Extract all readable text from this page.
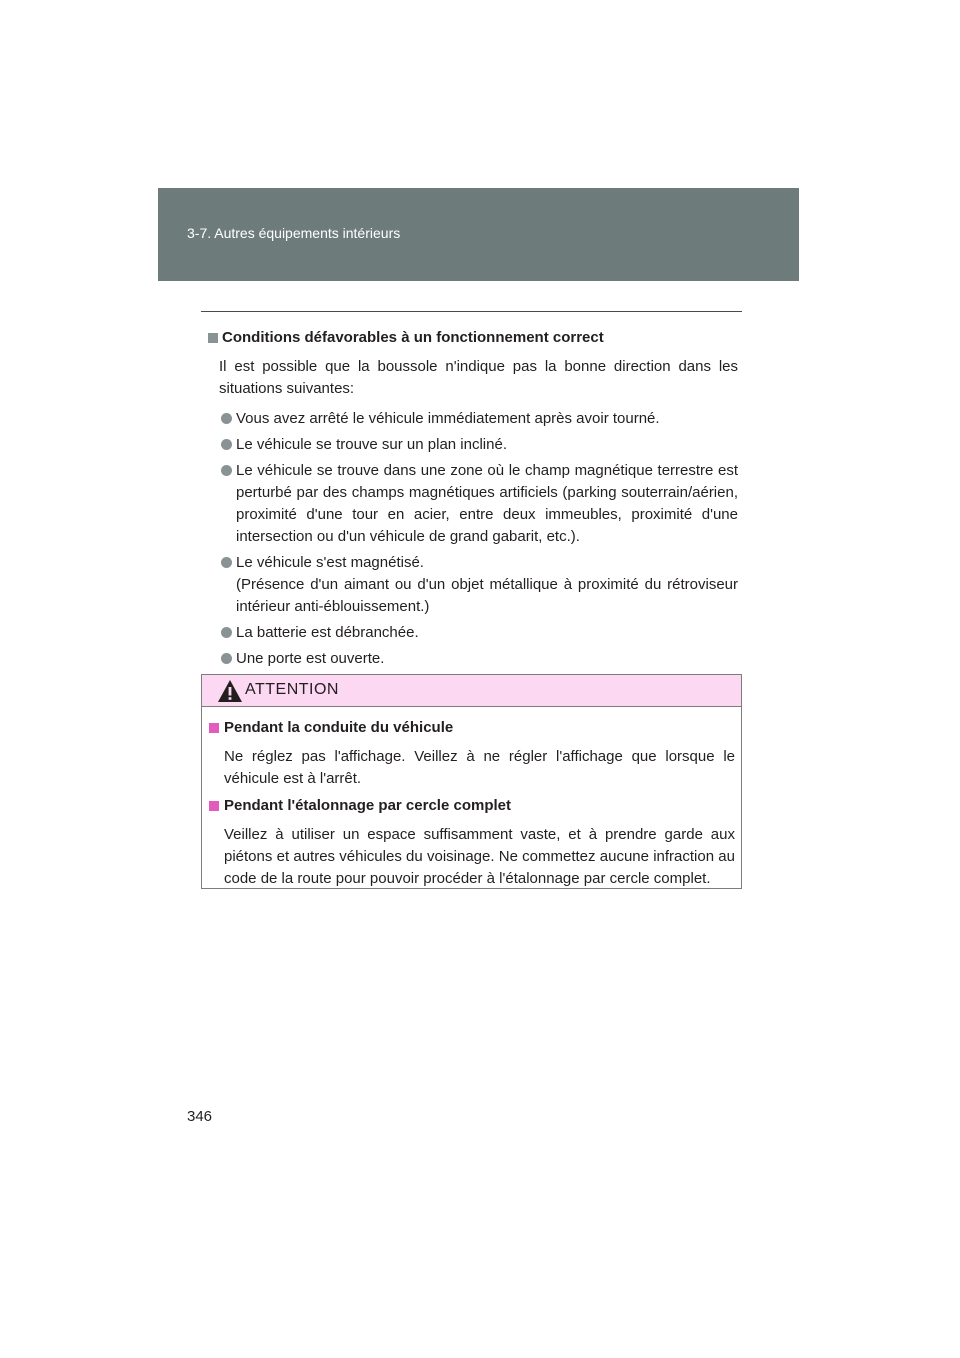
3-7. Autres équipements intérieurs
Conditions défavorables à un fonctionnement correct
Il est possible que la boussole n'indique pas la bonne direction dans les situations suivantes:
Vous avez arrêté le véhicule immédiatement après avoir tourné.
Le véhicule se trouve sur un plan incliné.
Le véhicule se trouve dans une zone où le champ magnétique terrestre est perturbé par des champs magnétiques artificiels (parking souterrain/aérien, proximité d'une tour en acier, entre deux immeubles, proximité d'une intersection ou d'un véhicule de grand gabarit, etc.).
Le véhicule s'est magnétisé.
(Présence d'un aimant ou d'un objet métallique à proximité du rétroviseur intérieur anti-éblouissement.)
La batterie est débranchée.
Une porte est ouverte.
ATTENTION
Pendant la conduite du véhicule
Ne réglez pas l'affichage. Veillez à ne régler l'affichage que lorsque le véhicule est à l'arrêt.
Pendant l'étalonnage par cercle complet
Veillez à utiliser un espace suffisamment vaste, et à prendre garde aux piétons et autres véhicules du voisinage. Ne commettez aucune infraction au code de la route pour pouvoir procéder à l'étalonnage par cercle complet.
346
